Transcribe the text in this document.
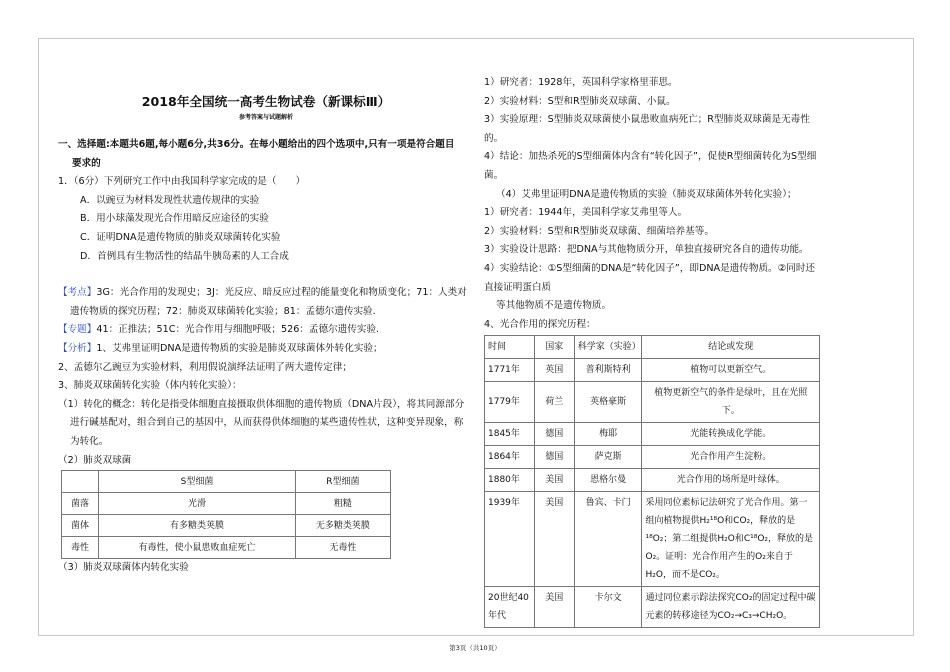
2018年全国统一高考生物试卷（新课标Ⅲ）
参考答案与试题解析

一、选择题:本题共6题,每小题6分,共36分。在每小题给出的四个选项中,只有一项是符合题目
要求的

1．（6分）下列研究工作中由我国科学家完成的是（　　）

A．以豌豆为材料发现性状遗传规律的实验

B．用小球藻发现光合作用暗反应途径的实验

C．证明DNA是遗传物质的肺炎双球菌转化实验

D．首例具有生物活性的结晶牛胰岛素的人工合成

【考点】3G：光合作用的发现史；3J：光反应、暗反应过程的能量变化和物质变化；71：人类对

遗传物质的探究历程；72：肺炎双球菌转化实验；81：孟德尔遗传实验.

【专题】41：正推法；51C：光合作用与细胞呼吸；526：孟德尔遗传实验.

【分析】1、艾弗里证明DNA是遗传物质的实验是肺炎双球菌体外转化实验；

2、孟德尔乙豌豆为实验材料，利用假说演绎法证明了两大遗传定律；

3、肺炎双球菌转化实验（体内转化实验）：

（1）转化的概念：转化是指受体细胞直接摄取供体细胞的遗传物质（DNA片段），将其同源部分

进行碱基配对，组合到自己的基因中，从而获得供体细胞的某些遗传性状，这种变异现象，称

为转化。

（2）肺炎双球菌

	S型细菌	R型细菌
菌落	光滑	粗糙
菌体	有多糖类荚膜	无多糖类荚膜
毒性	有毒性，使小鼠患败血症死亡	无毒性

（3）肺炎双球菌体内转化实验

1）研究者：1928年，英国科学家格里菲思。

2）实验材料：S型和R型肺炎双球菌、小鼠。

3）实验原理：S型肺炎双球菌使小鼠患败血病死亡；R型肺炎双球菌是无毒性的。

4）结论：加热杀死的S型细菌体内含有“转化因子”，促使R型细菌转化为S型细菌。

（4）艾弗里证明DNA是遗传物质的实验（肺炎双球菌体外转化实验）；

1）研究者：1944年，美国科学家艾弗里等人。

2）实验材料：S型和R型肺炎双球菌、细菌培养基等。

3）实验设计思路：把DNA与其他物质分开，单独直接研究各自的遗传功能。

4）实验结论：①S型细菌的DNA是“转化因子”，即DNA是遗传物质。②同时还直接证明蛋白质

等其他物质不是遗传物质。

4、光合作用的探究历程：

时间	国家	科学家（实验）	结论或发现
1771年	英国	普利斯特利	植物可以更新空气。
1779年	荷兰	英格豪斯	植物更新空气的条件是绿叶，且在光照下。
1845年	德国	梅耶	光能转换成化学能。
1864年	德国	萨克斯	光合作用产生淀粉。
1880年	美国	恩格尔曼	光合作用的场所是叶绿体。
1939年	美国	鲁宾、卡门	采用同位素标记法研究了光合作用。第一组向植物提供H₂¹⁸O和CO₂，释放的是¹⁸O₂；第二组提供H₂O和C¹⁸O₂，释放的是O₂。证明：光合作用产生的O₂来自于H₂O，而不是CO₂。
20世纪40年代	美国	卡尔文	通过同位素示踪法探究CO₂的固定过程中碳元素的转移途径为CO₂→C₃→CH₂O。
第3页（共10页）
